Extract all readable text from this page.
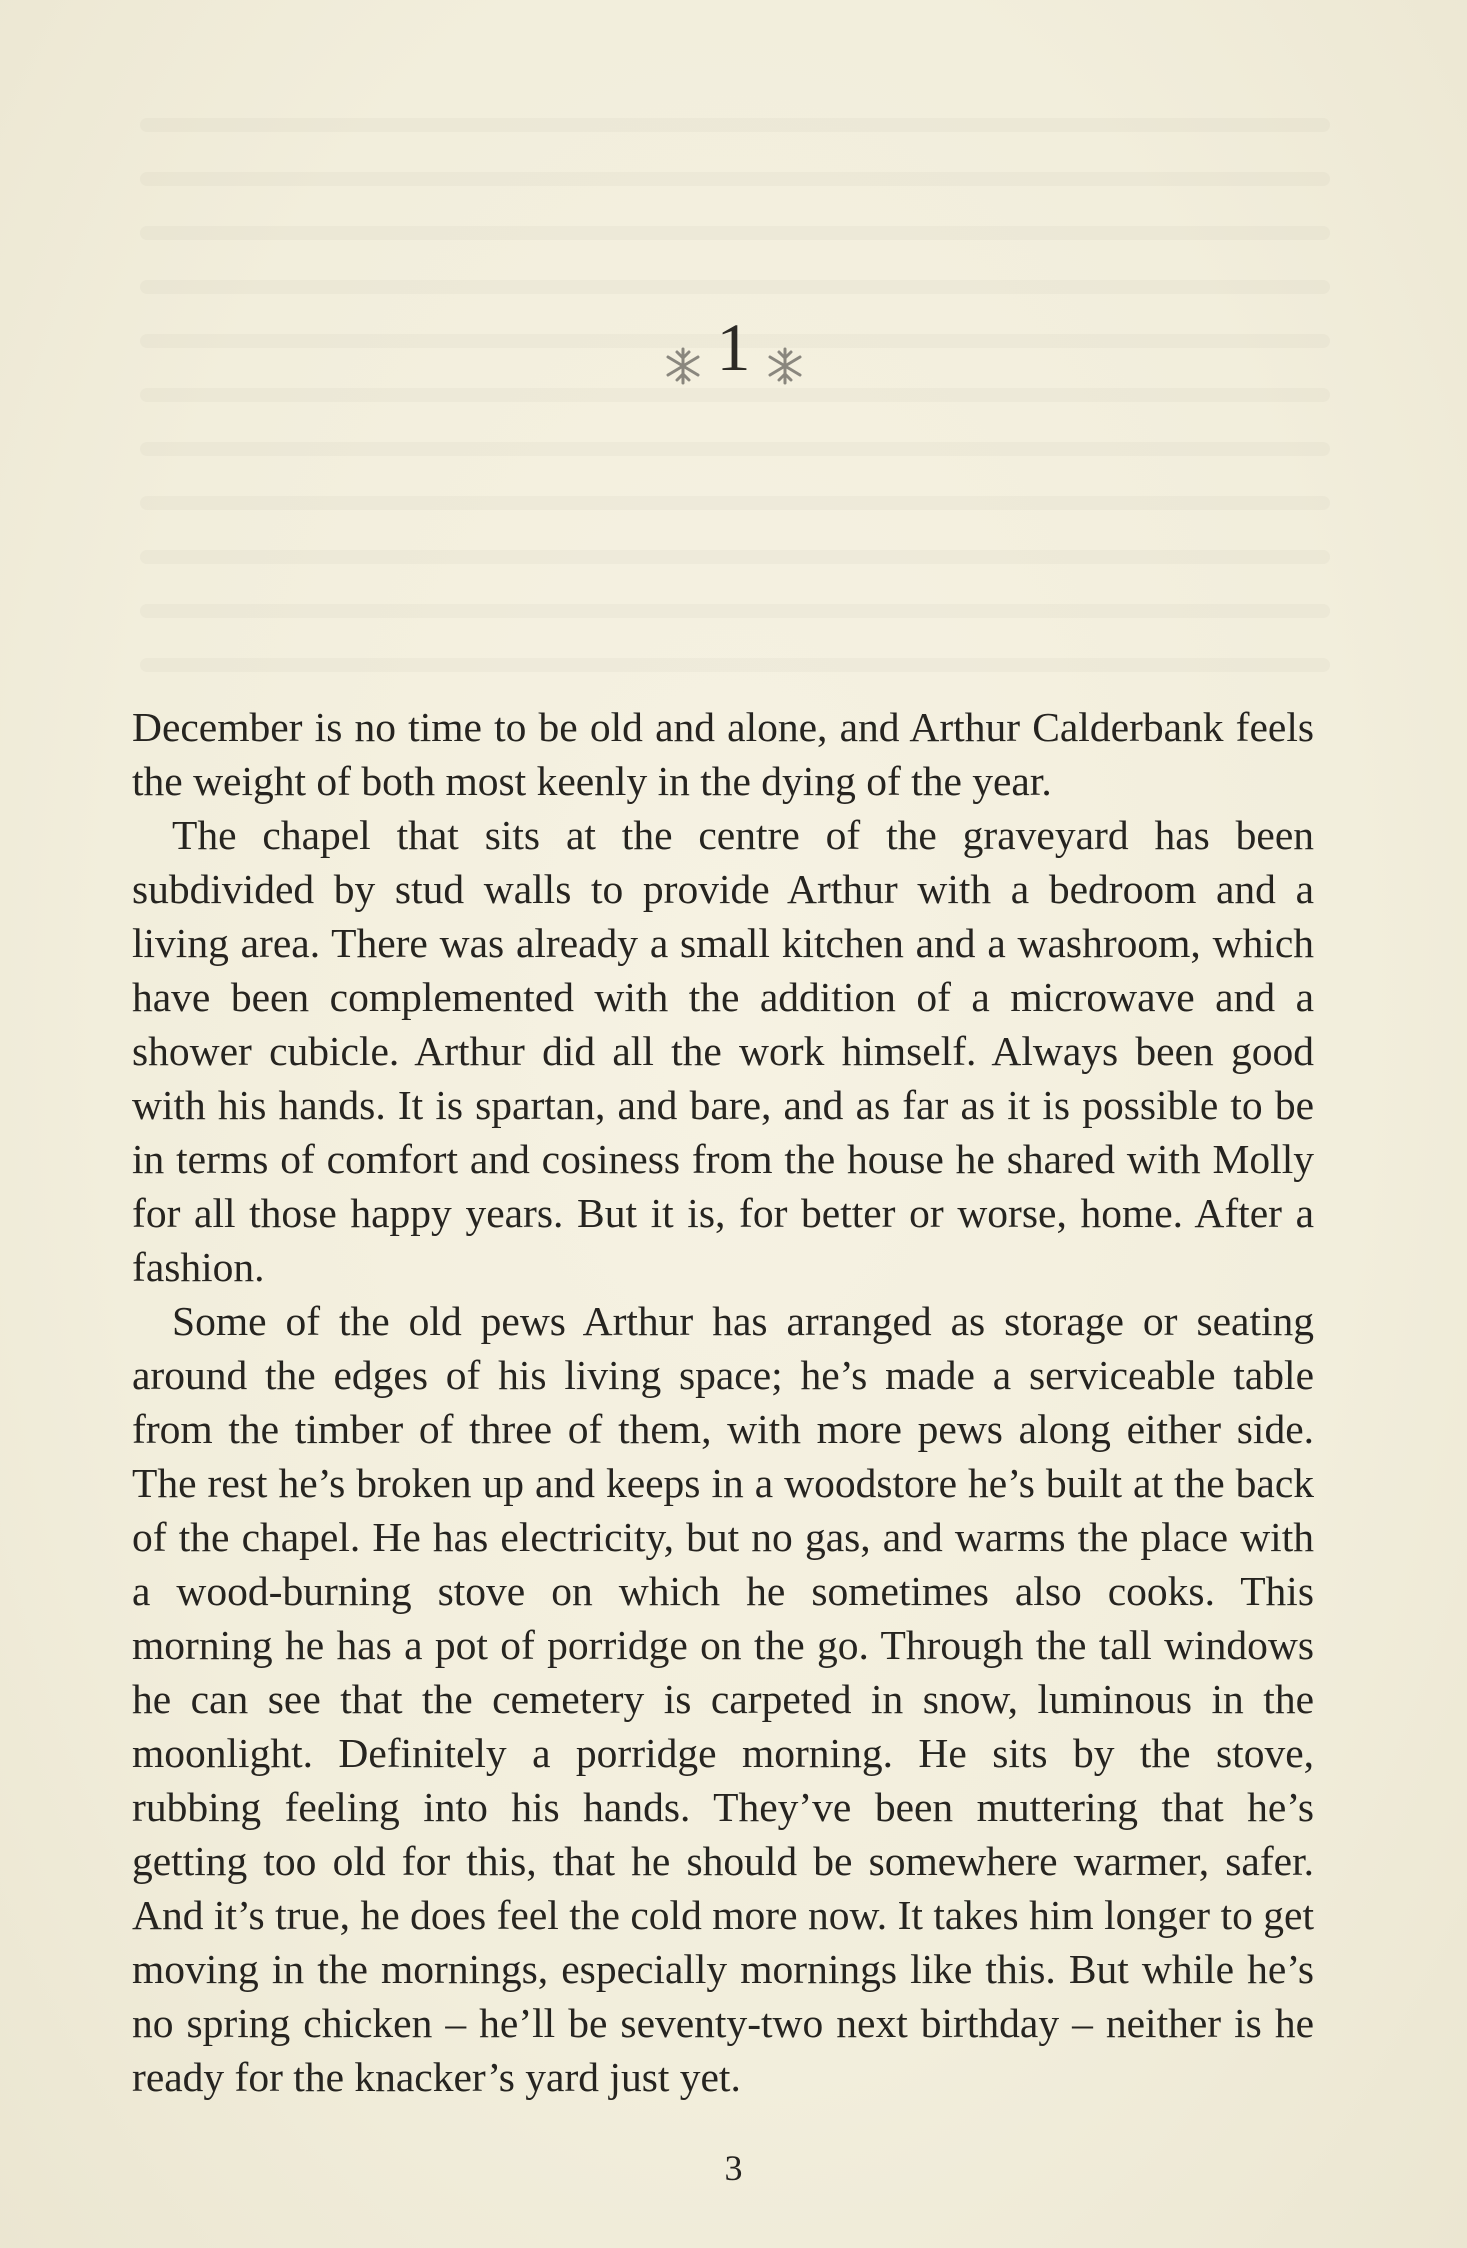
1

December is no time to be old and alone, and Arthur Calderbank feels the weight of both most keenly in the dying of the year.

The chapel that sits at the centre of the graveyard has been subdivided by stud walls to provide Arthur with a bedroom and a living area. There was already a small kitchen and a washroom, which have been complemented with the addition of a microwave and a shower cubicle. Arthur did all the work himself. Always been good with his hands. It is spartan, and bare, and as far as it is possible to be in terms of comfort and cosiness from the house he shared with Molly for all those happy years. But it is, for better or worse, home. After a fashion.

Some of the old pews Arthur has arranged as storage or seating around the edges of his living space; he’s made a serviceable table from the timber of three of them, with more pews along either side. The rest he’s broken up and keeps in a woodstore he’s built at the back of the chapel. He has electricity, but no gas, and warms the place with a wood-burning stove on which he sometimes also cooks. This morning he has a pot of porridge on the go. Through the tall windows he can see that the cemetery is carpeted in snow, luminous in the moonlight. Definitely a porridge morning. He sits by the stove, rubbing feeling into his hands. They’ve been muttering that he’s getting too old for this, that he should be somewhere warmer, safer. And it’s true, he does feel the cold more now. It takes him longer to get moving in the mornings, especially mornings like this. But while he’s no spring chicken – he’ll be seventy-two next birthday – neither is he ready for the knacker’s yard just yet.

3
